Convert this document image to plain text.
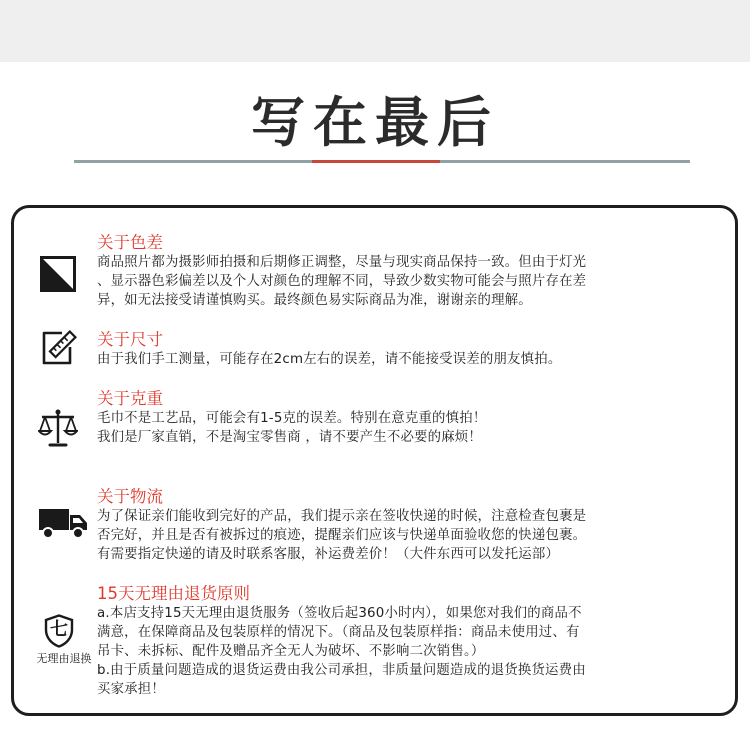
写在最后
关于色差
商品照片都为摄影师拍摄和后期修正调整，尽量与现实商品保持一致。但由于灯光
、显示器色彩偏差以及个人对颜色的理解不同，导致少数实物可能会与照片存在差
异，如无法接受请谨慎购买。最终颜色易实际商品为准，谢谢亲的理解。
关于尺寸
由于我们手工测量，可能存在2cm左右的误差，请不能接受误差的朋友慎拍。
关于克重
毛巾不是工艺品，可能会有1-5克的误差。特别在意克重的慎拍！
我们是厂家直销，不是淘宝零售商 ，请不要产生不必要的麻烦！
关于物流
为了保证亲们能收到完好的产品，我们提示亲在签收快递的时候，注意检查包裹是
否完好，并且是否有被拆过的痕迹，提醒亲们应该与快递单面验收您的快递包裹。
有需要指定快递的请及时联系客服，补运费差价！（大件东西可以发托运部）
七
无理由退换
15天无理由退货原则
a.本店支持15天无理由退货服务（签收后起360小时内），如果您对我们的商品不
满意，在保障商品及包装原样的情况下。（商品及包装原样指：商品未使用过、有
吊卡、未拆标、配件及赠品齐全无人为破坏、不影响二次销售。）
b.由于质量问题造成的退货运费由我公司承担，非质量问题造成的退货换货运费由
买家承担！
